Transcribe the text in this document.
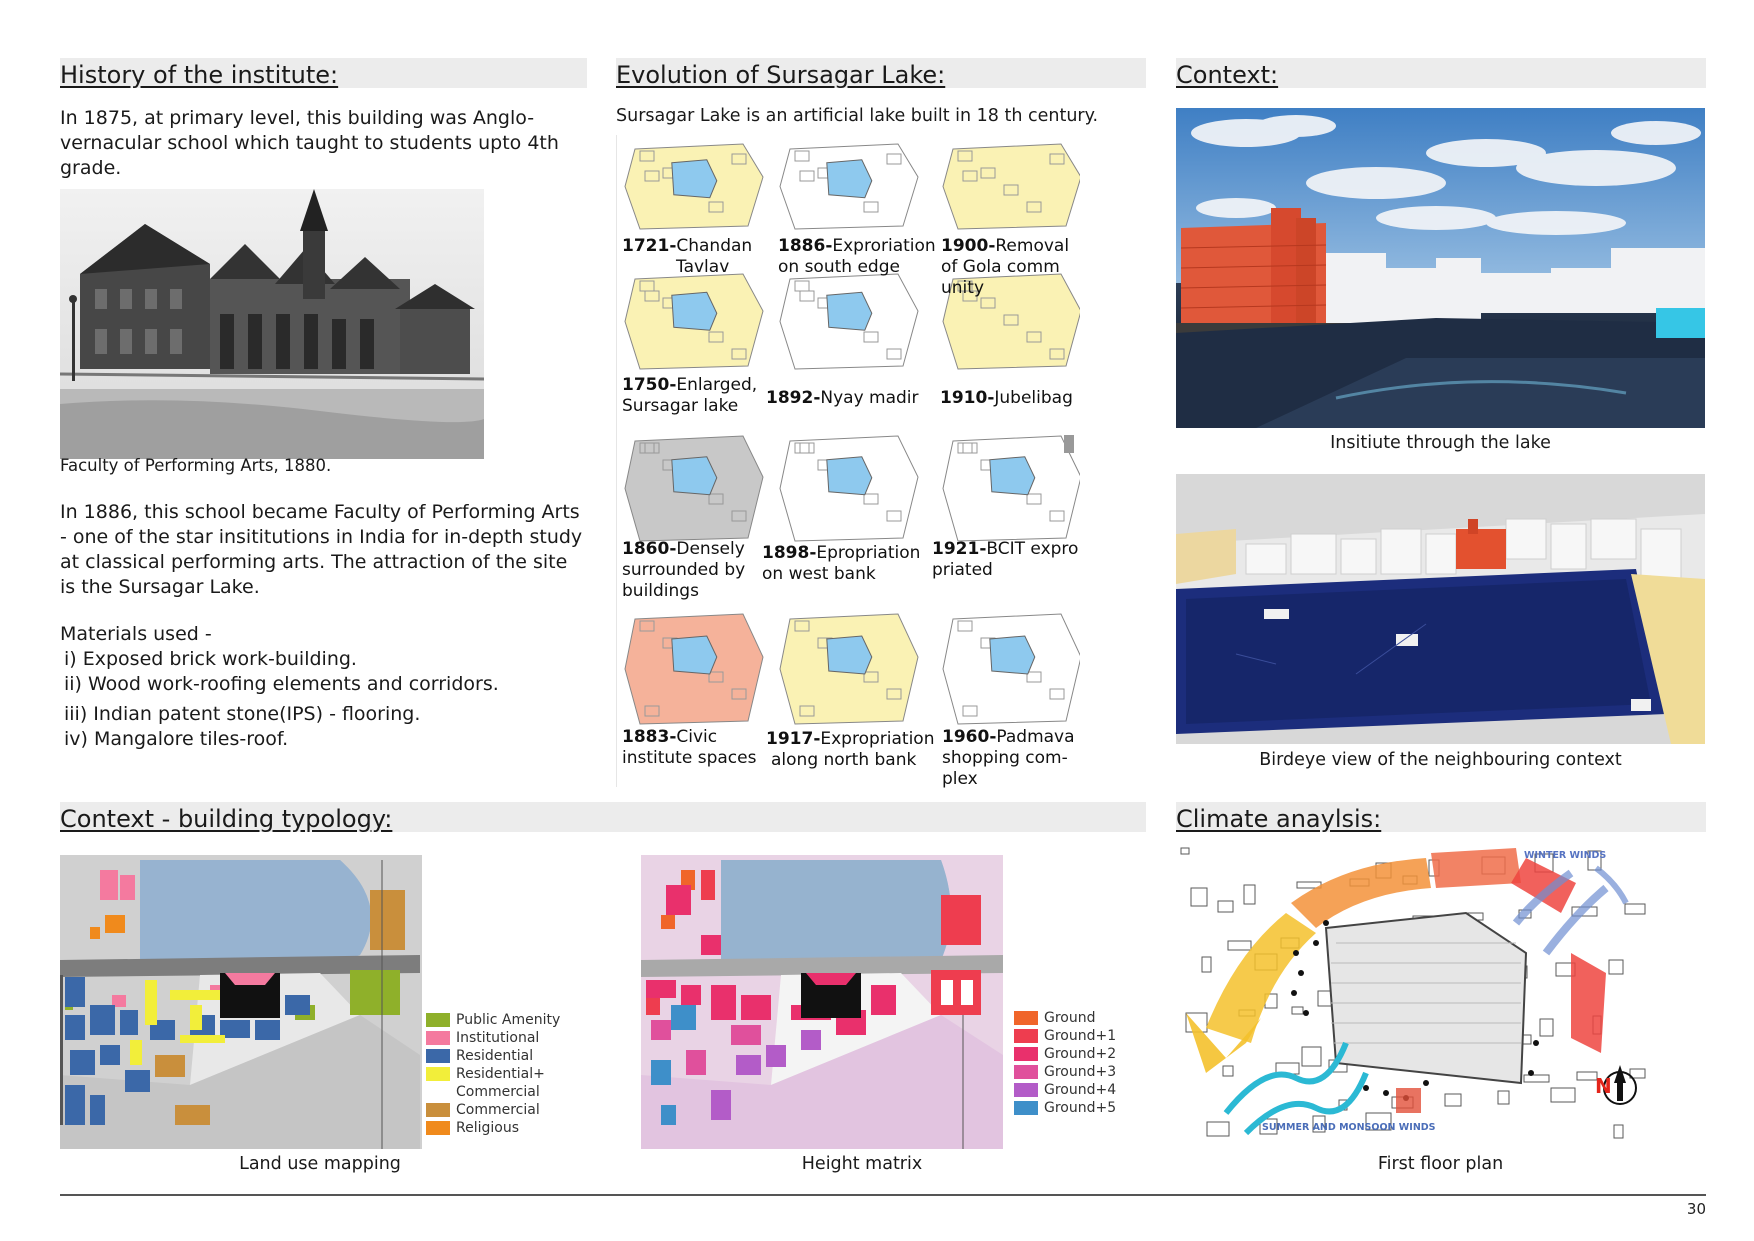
History of the institute:	Evolution of Sursagar Lake:	Context:
Context - building typology:	Climate anaylsis:
In 1875, at primary level, this building was Anglo-vernacular school which taught to students upto 4th grade.
Faculty of Performing Arts, 1880.
In 1886, this school became Faculty of Performing Arts - one of the star insititutions in India for in-depth study at classical performing arts. The attraction of the site is the Sursagar Lake.
Materials used -
i) Exposed brick work-building.
ii) Wood work-roofing elements and corridors.
iii) Indian patent stone(IPS) - flooring.
iv) Mangalore tiles-roof.
Sursagar Lake is an artificial lake built in 18 th century.
1721-Chandan
Tavlav
1886-Exproriation
on south edge
1900-Removal
of Gola comm
unity
1750-Enlarged,
Sursagar lake	1892-Nyay madir 1910-Jubelibag
1860-Densely
surrounded by
buildings
1898-Epropriation
on west bank
1921-BCIT expro
priated
1883-Civic
institute spaces
1917-Expropriation
along north bank
1960-Padmava
shopping com-
plex
Insitiute through the lake
Birdeye view of the neighbouring context
Public Amenity
Institutional
Residential
Residential+
Commercial
Commercial
Religious
Land use mapping
Ground
Ground+1
Ground+2
Ground+3
Ground+4
Ground+5
Height matrix
WINTER WINDS
SUMMER AND MONSOON WINDS
N
First floor plan
30
